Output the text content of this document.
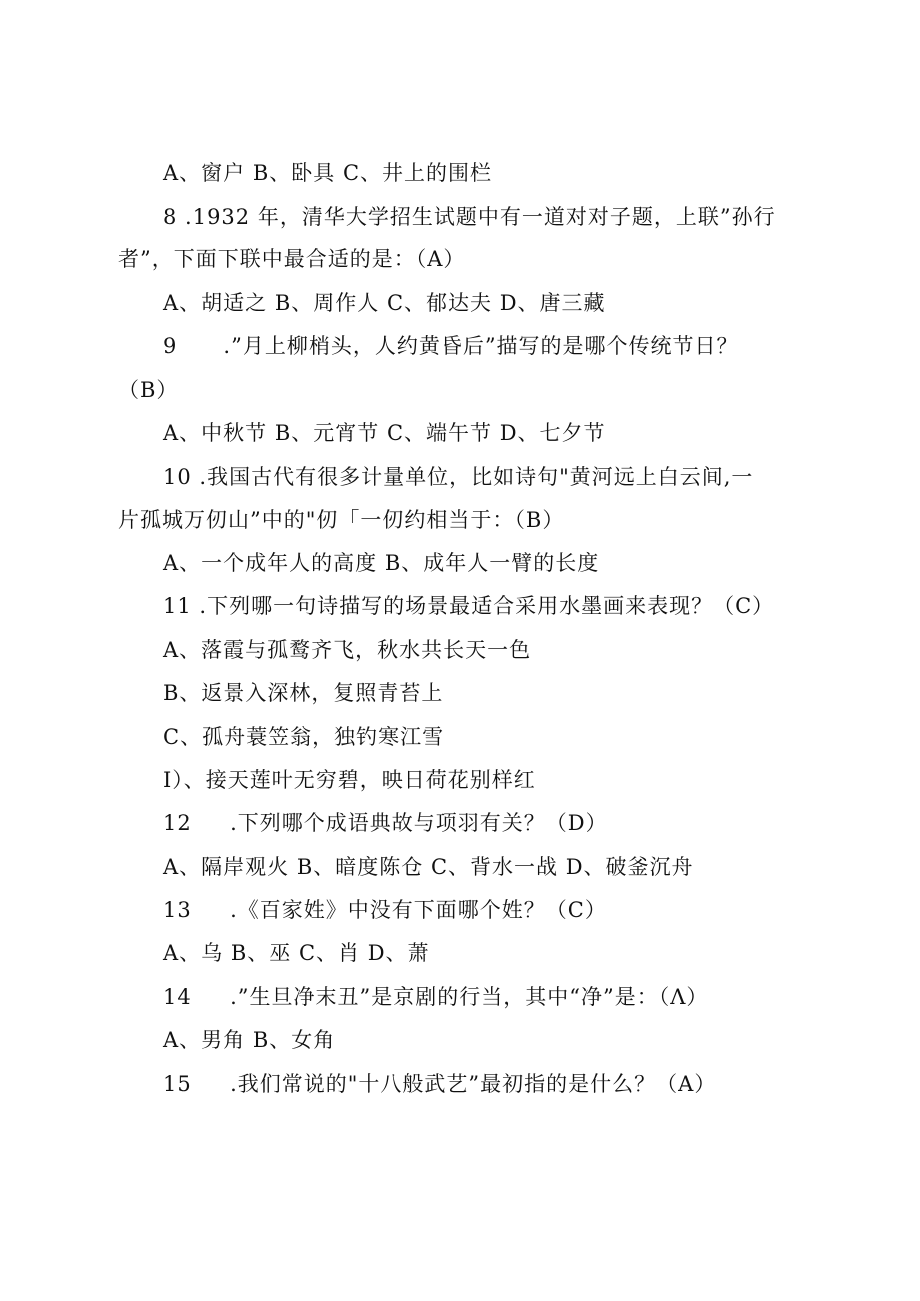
A、窗户 B、卧具 C、井上的围栏
8 .1932 年，清华大学招生试题中有一道对对子题，上联”孙行
者”，下面下联中最合适的是：（A）
A、胡适之 B、周作人 C、郁达夫 D、唐三藏
9      .”月上柳梢头，人约黄昏后”描写的是哪个传统节日？
（B）
A、中秋节 B、元宵节 C、端午节 D、七夕节
10 .我国古代有很多计量单位，比如诗句"黄河远上白云间,一
片孤城万仞山”中的"仞「一仞约相当于：（B）
A、一个成年人的高度 B、成年人一臂的长度
11 .下列哪一句诗描写的场景最适合采用水墨画来表现？（C）
A、落霞与孤鹜齐飞，秋水共长天一色
B、返景入深林，复照青苔上
C、孤舟蓑笠翁，独钓寒江雪
I）、接天莲叶无穷碧，映日荷花别样红
12     .下列哪个成语典故与项羽有关？（D）
A、隔岸观火 B、暗度陈仓 C、背水一战 D、破釜沉舟
13     .《百家姓》中没有下面哪个姓？（C）
A、乌 B、巫 C、肖 D、萧
14     .”生旦净末丑”是京剧的行当，其中“净”是：（Λ）
A、男角 B、女角
15     .我们常说的"十八般武艺”最初指的是什么？（A）
